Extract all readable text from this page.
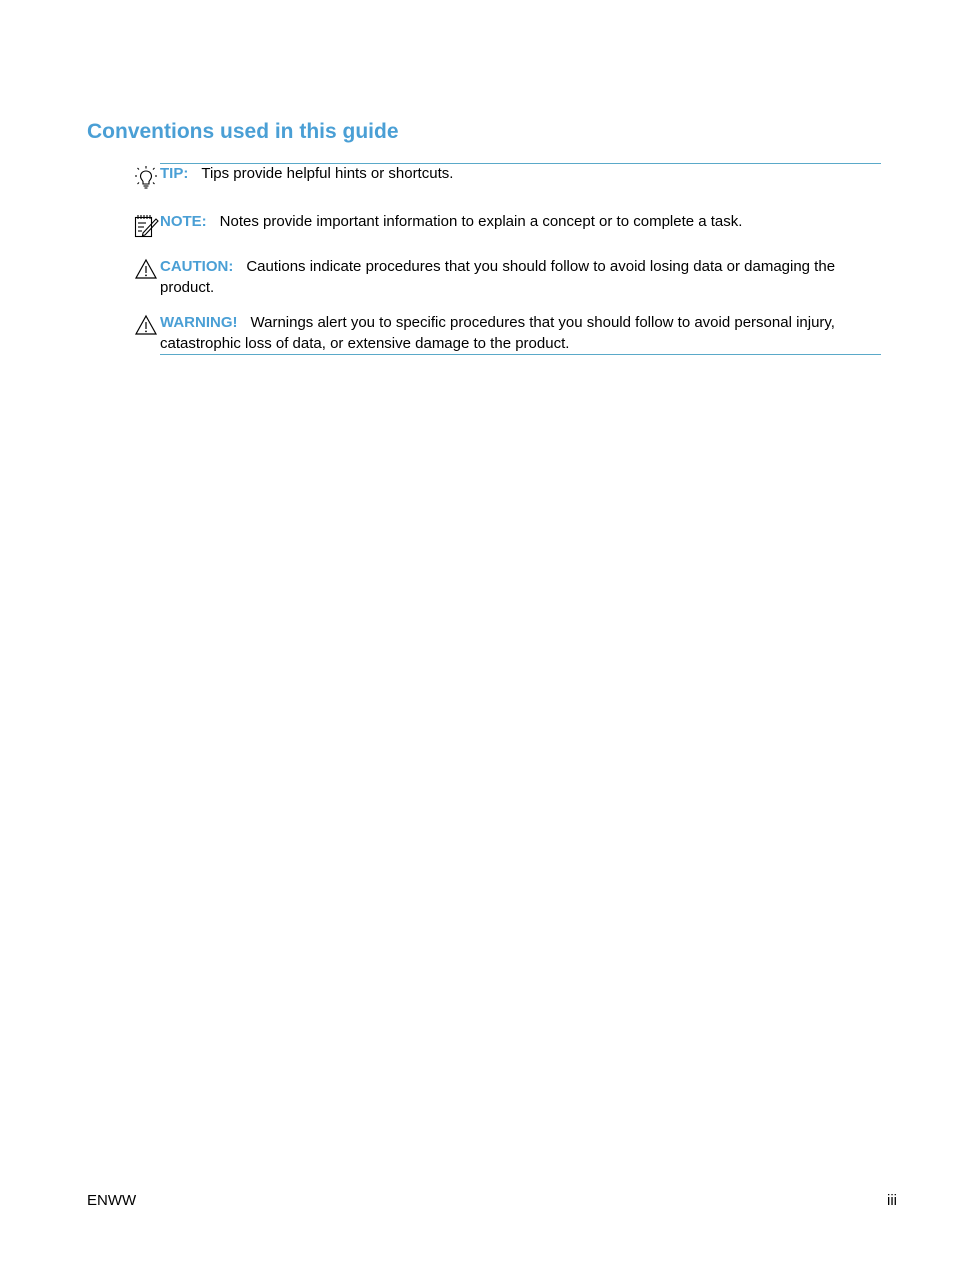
Conventions used in this guide
TIP: Tips provide helpful hints or shortcuts.
NOTE: Notes provide important information to explain a concept or to complete a task.
CAUTION: Cautions indicate procedures that you should follow to avoid losing data or damaging the product.
WARNING! Warnings alert you to specific procedures that you should follow to avoid personal injury, catastrophic loss of data, or extensive damage to the product.
ENWW	iii
